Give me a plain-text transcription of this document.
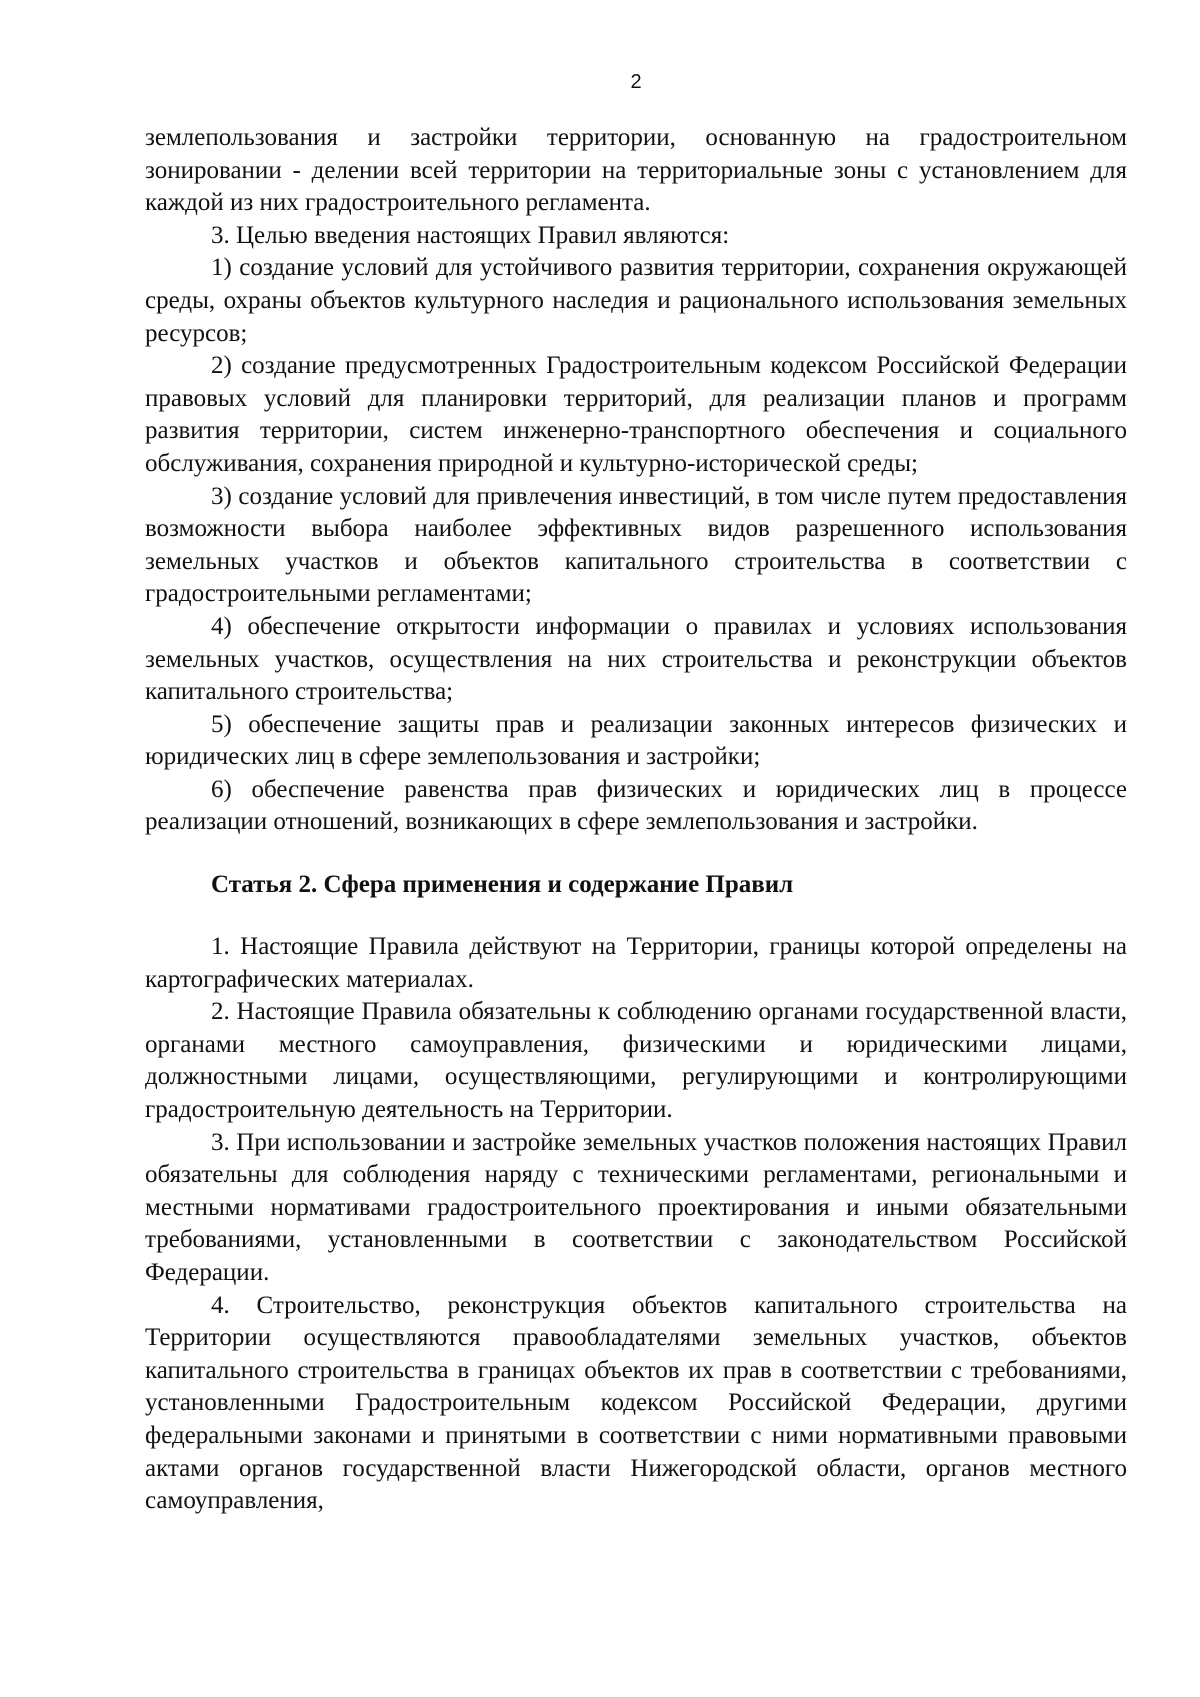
2

землепользования и застройки территории, основанную на градостроительном зонировании - делении всей территории на территориальные зоны с установлением для каждой из них градостроительного регламента.

3. Целью введения настоящих Правил являются:

1) создание условий для устойчивого развития территории, сохранения окружающей среды, охраны объектов культурного наследия и рационального использования земельных ресурсов;

2) создание предусмотренных Градостроительным кодексом Российской Федерации правовых условий для планировки территорий, для реализации планов и программ развития территории, систем инженерно-транспортного обеспечения и социального обслуживания, сохранения природной и культурно-исторической среды;

3) создание условий для привлечения инвестиций, в том числе путем предоставления возможности выбора наиболее эффективных видов разрешенного использования земельных участков и объектов капитального строительства в соответствии с градостроительными регламентами;

4) обеспечение открытости информации о правилах и условиях использования земельных участков, осуществления на них строительства и реконструкции объектов капитального строительства;

5) обеспечение защиты прав и реализации законных интересов физических и юридических лиц в сфере землепользования и застройки;

6) обеспечение равенства прав физических и юридических лиц в процессе реализации отношений, возникающих в сфере землепользования и застройки.

Статья 2. Сфера применения и содержание Правил

1. Настоящие Правила действуют на Территории, границы которой определены на картографических материалах.

2. Настоящие Правила обязательны к соблюдению органами государственной власти, органами местного самоуправления, физическими и юридическими лицами, должностными лицами, осуществляющими, регулирующими и контролирующими градостроительную деятельность на Территории.

3. При использовании и застройке земельных участков положения настоящих Правил обязательны для соблюдения наряду с техническими регламентами, региональными и местными нормативами градостроительного проектирования и иными обязательными требованиями, установленными в соответствии с законодательством Российской Федерации.

4. Строительство, реконструкция объектов капитального строительства на Территории осуществляются правообладателями земельных участков, объектов капитального строительства в границах объектов их прав в соответствии с требованиями, установленными Градостроительным кодексом Российской Федерации, другими федеральными законами и принятыми в соответствии с ними нормативными правовыми актами органов государственной власти Нижегородской области, органов местного самоуправления,
